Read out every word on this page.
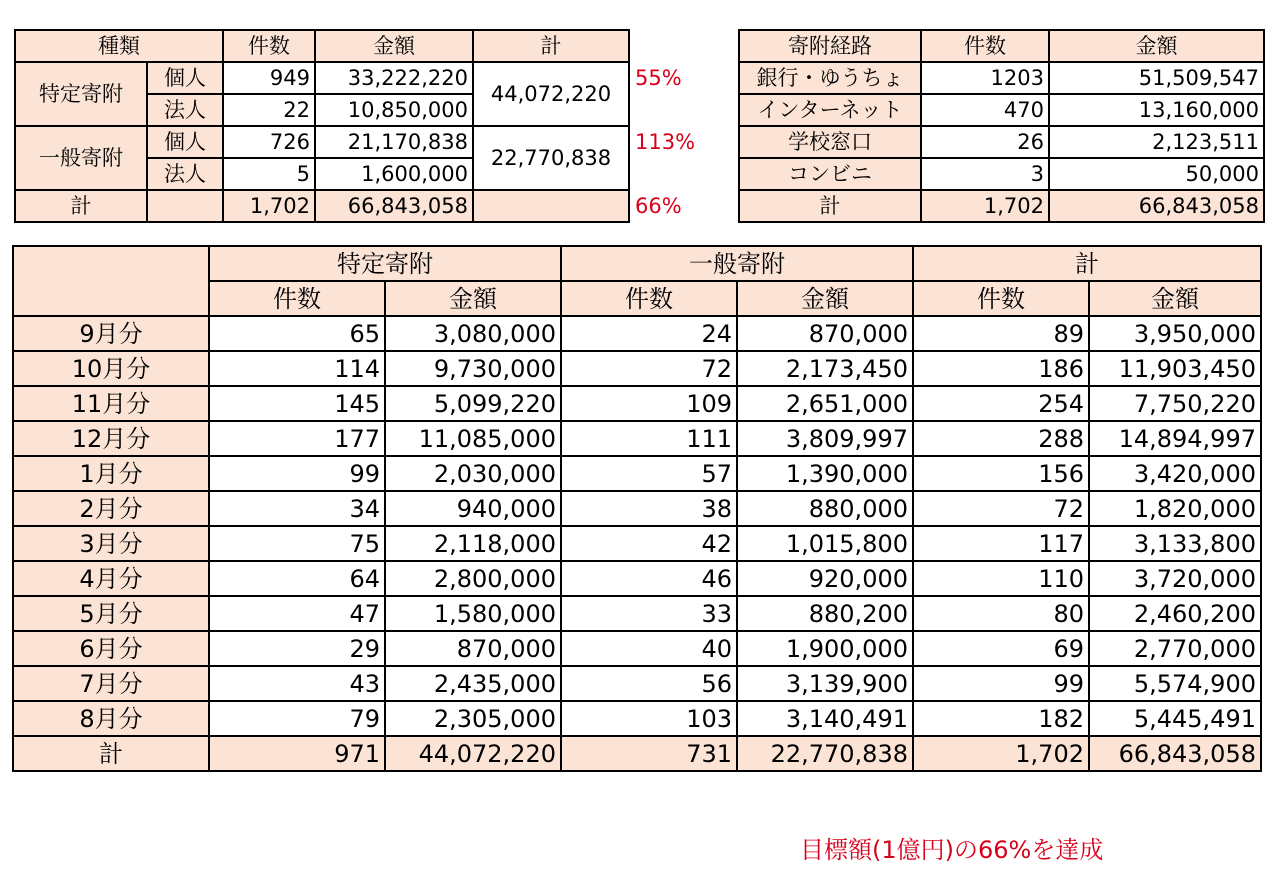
種類		件数	金額	計
特定寄附	個人	949	33,222,220	44,072,220
	法人	22	10,850,000	
一般寄附	個人	726	21,170,838	22,770,838
	法人	5	1,600,000	
計		1,702	66,843,058	
55%
113%
66%
寄附経路	件数	金額
銀行・ゆうちょ	1203	51,509,547
インターネット	470	13,160,000
学校窓口	26	2,123,511
コンビニ	3	50,000
計	1,702	66,843,058
	特定寄附		一般寄附		計	
	件数	金額	件数	金額	件数	金額
9月分	65	3,080,000	24	870,000	89	3,950,000
10月分	114	9,730,000	72	2,173,450	186	11,903,450
11月分	145	5,099,220	109	2,651,000	254	7,750,220
12月分	177	11,085,000	111	3,809,997	288	14,894,997
1月分	99	2,030,000	57	1,390,000	156	3,420,000
2月分	34	940,000	38	880,000	72	1,820,000
3月分	75	2,118,000	42	1,015,800	117	3,133,800
4月分	64	2,800,000	46	920,000	110	3,720,000
5月分	47	1,580,000	33	880,200	80	2,460,200
6月分	29	870,000	40	1,900,000	69	2,770,000
7月分	43	2,435,000	56	3,139,900	99	5,574,900
8月分	79	2,305,000	103	3,140,491	182	5,445,491
計	971	44,072,220	731	22,770,838	1,702	66,843,058
目標額(1億円)の66%を達成
